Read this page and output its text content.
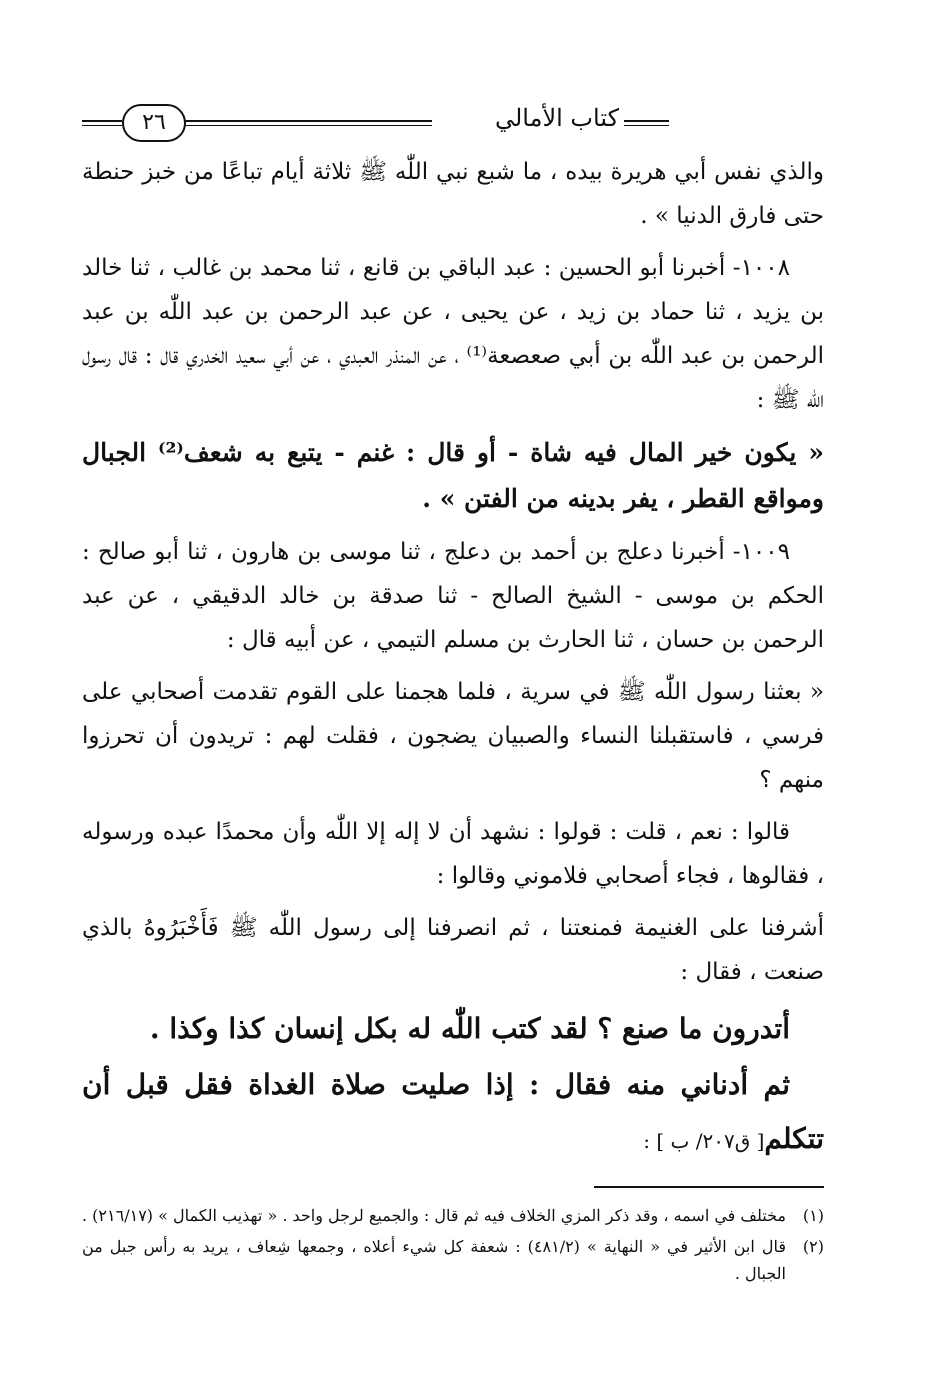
٢٦	كتاب الأمالي

والذي نفس أبي هريرة بيده ، ما شبع نبي اللّٰه ﷺ ثلاثة أيام تباعًا من خبز حنطة حتى فارق الدنيا » .

١٠٠٨- أخبرنا أبو الحسين : عبد الباقي بن قانع ، ثنا محمد بن غالب ، ثنا خالد بن يزيد ، ثنا حماد بن زيد ، عن يحيى ، عن عبد الرحمن بن عبد اللّٰه بن عبد الرحمن بن عبد اللّٰه بن أبي صعصعة⁽¹⁾ ، عن المنذر العبدي ، عن أبي سعيد الخدري قال : قال رسول اللّٰه ﷺ :

« يكون خير المال فيه شاة - أو قال : غنم - يتبع به شعف⁽²⁾ الجبال ومواقع القطر ، يفر بدينه من الفتن » .

١٠٠٩- أخبرنا دعلج بن أحمد بن دعلج ، ثنا موسى بن هارون ، ثنا أبو صالح : الحكم بن موسى - الشيخ الصالح - ثنا صدقة بن خالد الدقيقي ، عن عبد الرحمن بن حسان ، ثنا الحارث بن مسلم التيمي ، عن أبيه قال :

« بعثنا رسول اللّٰه ﷺ في سرية ، فلما هجمنا على القوم تقدمت أصحابي على فرسي ، فاستقبلنا النساء والصبيان يضجون ، فقلت لهم : تريدون أن تحرزوا منهم ؟

قالوا : نعم ، قلت : قولوا : نشهد أن لا إله إلا اللّٰه وأن محمدًا عبده ورسوله ، فقالوها ، فجاء أصحابي فلاموني وقالوا :

أشرفنا على الغنيمة فمنعتنا ، ثم انصرفنا إلى رسول اللّٰه ﷺ فَأَخْبَرُوهُ بالذي صنعت ، فقال :

أتدرون ما صنع ؟ لقد كتب اللّٰه له بكل إنسان كذا وكذا .

ثم أدناني منه فقال : إذا صليت صلاة الغداة فقل قبل أن تتكلم[ ق٢٠٧/ ب ] :

(١)
مختلف في اسمه ، وقد ذكر المزي الخلاف فيه ثم قال : والجميع لرجل واحد . « تهذيب الكمال » (٢١٦/١٧) .
(٢)
قال ابن الأثير في « النهاية » (٤٨١/٢) : شعفة كل شيء أعلاه ، وجمعها شِعاف ، يريد به رأس جبل من الجبال .
